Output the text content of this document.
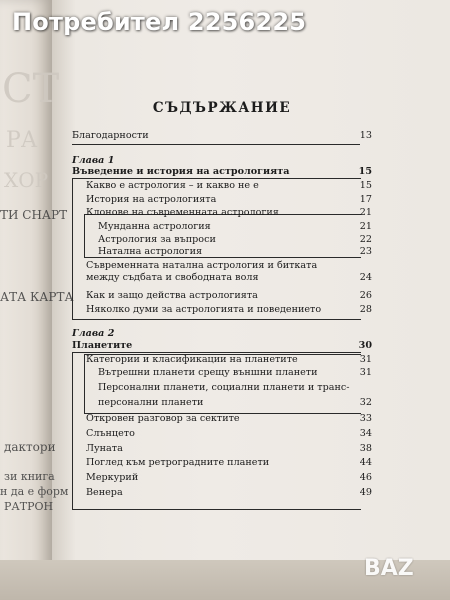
СТ
РА
ХОР
ТИ СНАРТ
АТА КАРТА
дактори
зи книга
н да е форм
РАТРОН
Потребител 2256225
СЪДЪРЖАНИЕ
Благодарности	13
Глава 1
Въведение и история на астрологията	15
Какво е астрология – и какво не е	15
История на астрологията	17
Клонове на съвременната астрология	21
Мунданна астрология	21
Астрология за въпроси	22
Натална астрология	23
Съвременната натална астрология и битката
между съдбата и свободната воля	24
Как и защо действа астрологията	26
Няколко думи за астрологията и поведението	28
Глава 2
Планетите	30
Категории и класификации на планетите	31
Вътрешни планети срещу външни планети	31
Персонални планети, социални планети и транс-
персонални планети	32
Откровен разговор за сектите	33
Слънцето	34
Луната	38
Поглед към ретроградните планети	44
Меркурий	46
Венера	49
BAZ
